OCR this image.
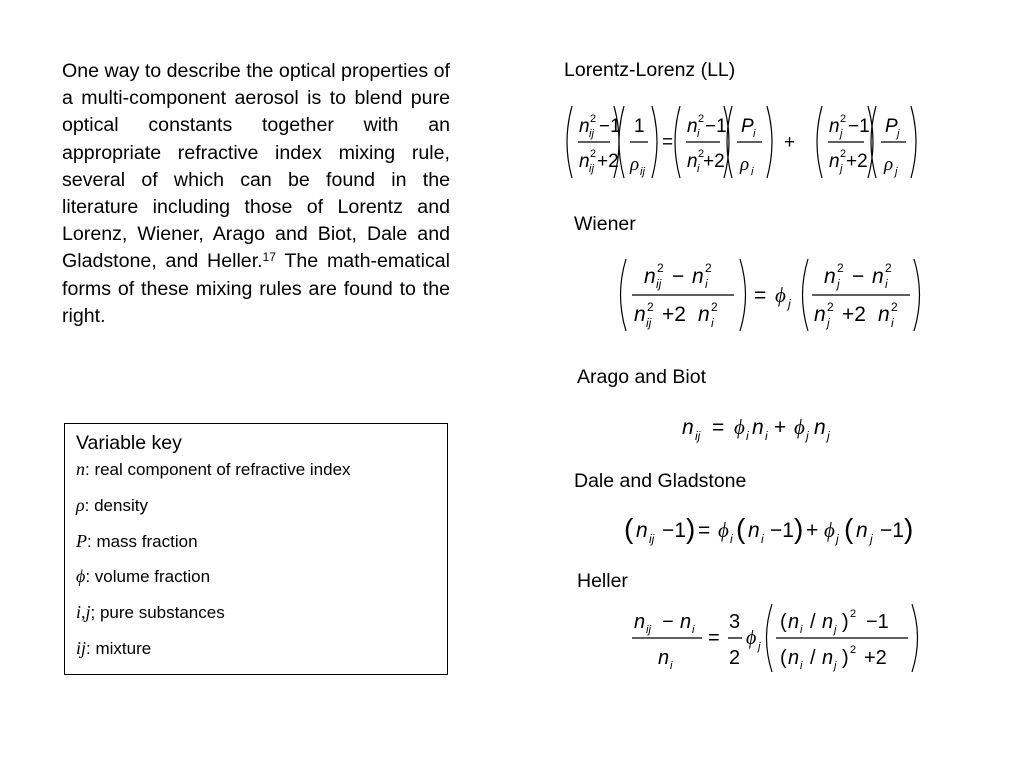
One way to describe the optical properties of a multi-component aerosol is to blend pure optical constants together with an appropriate refractive index mixing rule, several of which can be found in the literature including those of Lorentz and Lorenz, Wiener, Arago and Biot, Dale and Gladstone, and Heller.$^{17}$ The math-ematical forms of these mixing rules are found to the right.
Variable key
n: real component of refractive index
ρ: density
P: mass fraction
ϕ: volume fraction
i,j; pure substances
ij: mixture
Lorentz-Lorenz (LL)
Wiener
Arago and Biot
Dale and Gladstone
Heller
n 2
ij −1
n 2
ij +2
1
ρ ij
=
n 2
i −1
n 2
i +2
P i
ρ i
+
n 2
j −1
n 2
j +2
P j
ρ j
n 2
ij − n 2
i
n 2
ij +2 n 2
i
= ϕ j
n 2
j − n 2
i
n 2
j +2 n 2
i
n ij = ϕ i n i + ϕ j n j
( n ij −1 ) = ϕ i ( n i −1 ) + ϕ j ( n j −1 )
n ij − n i
n i
=
3
2
ϕ j
( n i / n j ) 2 −1
( n i / n j ) 2 +2
